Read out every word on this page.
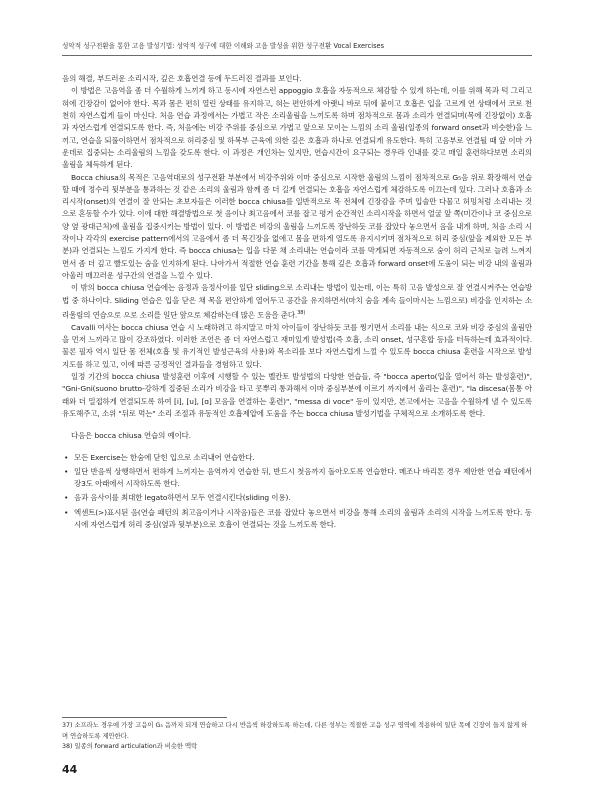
성악적 성구전환을 통한 고음 발성기법: 성악적 성구에 대한 이해와 고음 발성을 위한 성구전환 Vocal Exercises

음의 해결, 부드러운 소리시작, 깊은 호흡연결 등에 두드러진 결과를 보인다.

이 방법은 고음역을 좀 더 수월하게 느끼게 하고 동시에 자연스런 appoggio 호흡을 자동적으로 체감할 수 있게 하는데, 이를 위해 목과 턱 그리고 혀에 긴장감이 없어야 한다. 목과 몸은 편히 열린 상태를 유지하고, 혀는 편안하게 아랫니 바로 뒤에 붙이고 호흡은 입을 고르게 연 상태에서 코로 천천히 자연스럽게 들이 마신다. 처음 연습 과정에서는 가볍고 작은 소리울림을 느끼도록 하며 점차적으로 몸과 소리가 연결되며(목에 긴장없이) 호흡과 자연스럽게 연결되도록 한다. 즉, 처음에는 비강 주위를 중심으로 가볍고 앞으로 모이는 느낌의 소리 울림(일종의 forward onset과 비슷한)을 느끼고, 연습을 되풀이하면서 점차적으로 허리중심 및 하복부 근육에 의한 깊은 호흡과 하나로 연결되게 유도한다. 특히 고음부로 연결될 때 앞 이마 가운데로 집중되는 소리울림의 느낌을 갖도록 한다. 이 과정은 개인차는 있지만, 연습시간이 요구되는 경우라 인내를 갖고 매일 훈련하다보면 소리의 울림을 체득하게 된다.

Bocca chiusa의 목적은 고음역대로의 성구전환 부분에서 비강주위와 이마 중심으로 시작한 울림의 느낌이 점차적으로 G₅음 위로 확장해서 연습할 때에 정수리 뒷부분을 통과하는 것 같은 소리의 울림과 함께 좀 더 길게 연결되는 호흡을 자연스럽게 체감하도록 이끄는데 있다. 그러나 호흡과 소리시작(onset)의 연결이 잘 안되는 초보자들은 이러한 bocca chiusa를 일반적으로 목 전체에 긴장감을 주며 입술만 다물고 허밍처럼 소리내는 것으로 혼동할 수가 있다. 이에 대한 해결방법으로 첫 음이나 최고음에서 코를 잡고 평거 순간적인 소리시작을 하면서 얼굴 앞 쪽(미간이나 코 중심으로 양 옆 광대근처)에 울림을 집중시키는 방법이 있다. 이 방법은 비강의 울림을 느끼도록 장난하듯 코를 잡았다 놓으면서 음을 내게 하며, 처음 소리 시작이나 각각의 exercise pattern에서의 고음에서 좀 더 목긴장을 없애고 몸을 편하게 열도록 유지시키며 점차적으로 허리 중심(앞을 제외한 모든 부분)과 연결되는 느낌도 가지게 한다. 즉 bocca chiusa는 입을 다문 채 소리내는 연습이라 코를 막게되면 자동적으로 숨이 허리 근처로 늘려 느껴지면서 좀 더 깊고 빨도있는 숨을 인지하게 된다. 나아가서 적절한 연습 훈련 기간을 통해 깊은 호흡과 forward onset에 도움이 되는 비강 내의 울림과 아울러 매끄러운 성구간의 연결을 느낄 수 있다.

이 밖의 bocca chiusa 연습에는 음정과 음정사이를 일단 sliding으로 소리내는 방법이 있는데, 이는 특히 고음 발성으로 잘 연결시켜주는 연습방법 중 하나이다. Sliding 연습은 입을 닫은 채 목을 편안하게 열어두고 공간을 유지하면서(마치 숨을 계속 들이마시는 느낌으로) 비강을 인지하는 소리울림의 연습으로 으로 소리를 일단 앞으로 체감하는데 많은 도움을 준다.$^{38)}$

Cavalli 여사는 bocca chiusa 연습 시 노래하려고 하지말고 마치 아이들이 장난하듯 코를 찡기면서 소리를 내는 식으로 코와 비강 중심의 울림만을 먼저 느끼라고 많이 강조하였다. 이러한 조언은 좀 더 자연스럽고 재미있게 발성법(즉 호흡, 소리 onset, 성구혼합 등)을 터득하는데 효과적이다. 물론 필자 역시 일단 몸 전체(호흡 및 유기적인 발성근육의 사용)와 목소리를 보다 자연스럽게 느낄 수 있도록 bocca chiusa 훈련을 시작으로 발성지도를 하고 있고, 이에 따른 긍정적인 결과들을 경험하고 있다.

일정 기간의 bocca chiusa 발성훈련 이후에 시행할 수 있는 벨칸토 발성법의 다양한 연습들, 즉 "bocca aperto(입을 열어서 하는 발성훈련)", "Gni-Gni(suono brutto-강하게 집중된 소리가 비강을 타고 콧뿌리 통과해서 이마 중심부분에 이르기 까지에서 울리는 훈련)", "la discesa(몸통 아래와 더 밀접하게 연결되도록 하여 [i], [u], [ɑ] 모음을 연결하는 훈련)", "messa di voce" 등이 있지만, 본고에서는 고음을 수월하게 낼 수 있도록 유도해주고, 소위 "뒤로 먹는" 소리 조절과 유동적인 호흡제압에 도움을 주는 bocca chiusa 발성기법을 구체적으로 소개하도록 한다.

다음은 bocca chiusa 연습의 예이다.

• 모든 Exercise는 한숨에 닫힌 입으로 소리내어 연습한다.
• 일단 반음씩 상행하면서 편하게 느끼지는 음역까지 연습한 뒤, 반드시 첫음까지 돌아오도록 연습한다. 메조나 바리톤 경우 제안한 연습 패턴에서 장3도 아래에서 시작하도록 한다.
• 음과 음사이를 최대한 legato하면서 모두 연결시킨다(sliding 이용).
• 엑센트(>)표시된 음(연습 패턴의 최고음이거나 시작음)들은 코를 잡았다 놓으면서 비강을 통해 소리의 울림과 소리의 시작을 느끼도록 한다. 동시에 자연스럽게 허리 중심(옆과 뒷부분)으로 호흡이 연결되는 것을 느끼도록 한다.

37) 소프라노 경우에 가장 고음이 G₅ 음까지 되게 연습하고 다시 반음씩 하강하도록 하는데, 다른 성부는 적절한 고음 성구 영역에 적용하여 일단 목에 긴장이 들지 않게 하며 연습하도록 제안한다.

38) 일종의 forward articulation과 비슷한 맥락

44
